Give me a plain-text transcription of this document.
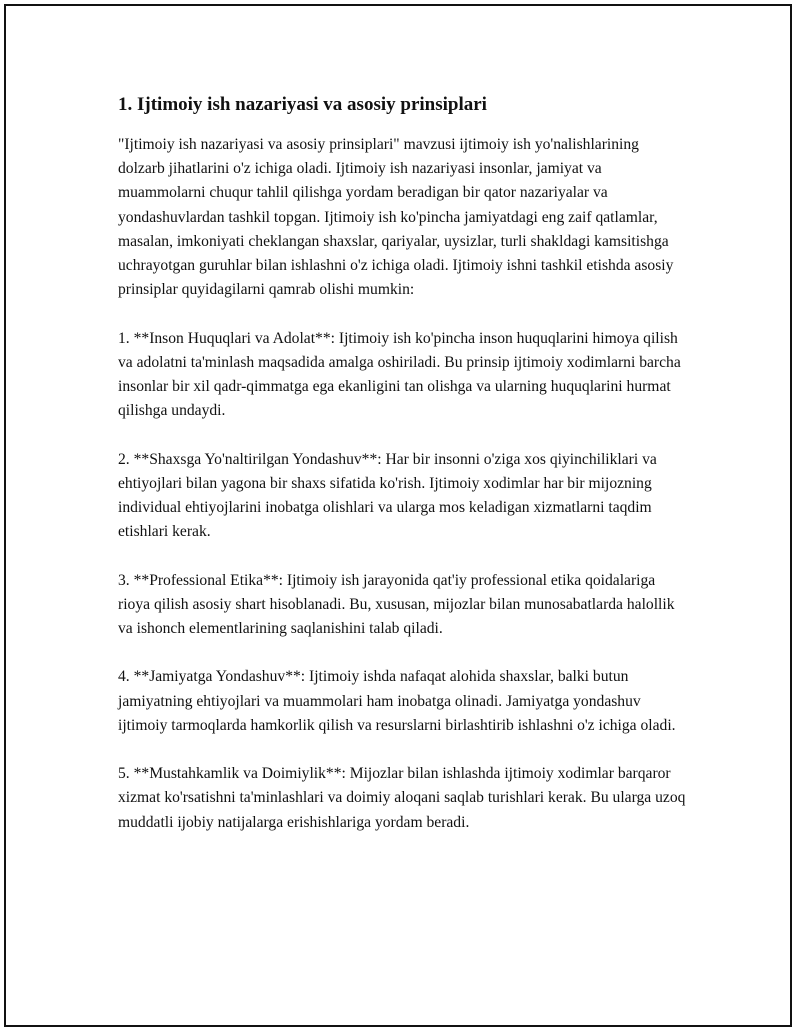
1. Ijtimoiy ish nazariyasi va asosiy prinsiplari

"Ijtimoiy ish nazariyasi va asosiy prinsiplari" mavzusi ijtimoiy ish yo'nalishlarining dolzarb jihatlarini o'z ichiga oladi. Ijtimoiy ish nazariyasi insonlar, jamiyat va muammolarni chuqur tahlil qilishga yordam beradigan bir qator nazariyalar va yondashuvlardan tashkil topgan. Ijtimoiy ish ko'pincha jamiyatdagi eng zaif qatlamlar, masalan, imkoniyati cheklangan shaxslar, qariyalar, uysizlar, turli shakldagi kamsitishga uchrayotgan guruhlar bilan ishlashni o'z ichiga oladi. Ijtimoiy ishni tashkil etishda asosiy prinsiplar quyidagilarni qamrab olishi mumkin:

1. **Inson Huquqlari va Adolat**: Ijtimoiy ish ko'pincha inson huquqlarini himoya qilish va adolatni ta'minlash maqsadida amalga oshiriladi. Bu prinsip ijtimoiy xodimlarni barcha insonlar bir xil qadr-qimmatga ega ekanligini tan olishga va ularning huquqlarini hurmat qilishga undaydi.

2. **Shaxsga Yo'naltirilgan Yondashuv**: Har bir insonni o'ziga xos qiyinchiliklari va ehtiyojlari bilan yagona bir shaxs sifatida ko'rish. Ijtimoiy xodimlar har bir mijozning individual ehtiyojlarini inobatga olishlari va ularga mos keladigan xizmatlarni taqdim etishlari kerak.

3. **Professional Etika**: Ijtimoiy ish jarayonida qat'iy professional etika qoidalariga rioya qilish asosiy shart hisoblanadi. Bu, xususan, mijozlar bilan munosabatlarda halollik va ishonch elementlarining saqlanishini talab qiladi.

4. **Jamiyatga Yondashuv**: Ijtimoiy ishda nafaqat alohida shaxslar, balki butun jamiyatning ehtiyojlari va muammolari ham inobatga olinadi. Jamiyatga yondashuv ijtimoiy tarmoqlarda hamkorlik qilish va resurslarni birlashtirib ishlashni o'z ichiga oladi.

5. **Mustahkamlik va Doimiylik**: Mijozlar bilan ishlashda ijtimoiy xodimlar barqaror xizmat ko'rsatishni ta'minlashlari va doimiy aloqani saqlab turishlari kerak. Bu ularga uzoq muddatli ijobiy natijalarga erishishlariga yordam beradi.
